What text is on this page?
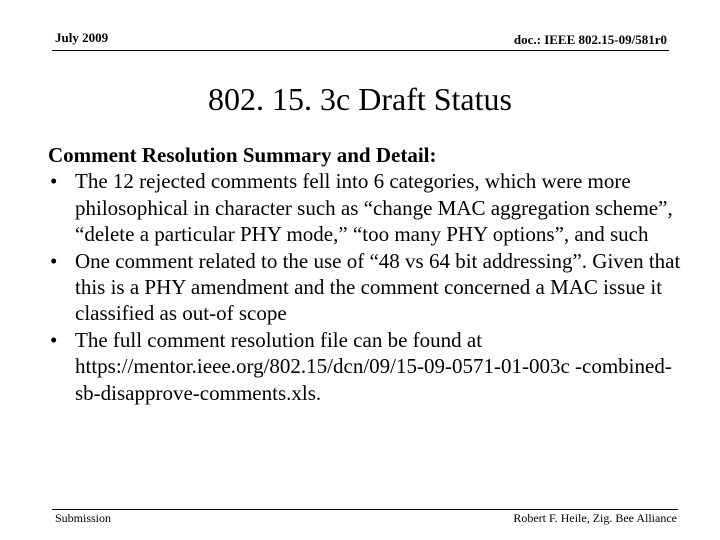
July 2009	doc.: IEEE 802.15-09/581r0
802. 15. 3c Draft Status
Comment Resolution Summary and Detail:
• The 12 rejected comments fell into 6 categories, which were more philosophical in character such as “change MAC aggregation scheme”, “delete a particular PHY mode,” “too many PHY options”, and such
• One comment related to the use of “48 vs 64 bit addressing”. Given that this is a PHY amendment and the comment concerned a MAC issue it classified as out-of scope
• The full comment resolution file can be found at https://mentor.ieee.org/802.15/dcn/09/15-09-0571-01-003c -combined-sb-disapprove-comments.xls.
Submission	Robert F. Heile, Zig. Bee Alliance
